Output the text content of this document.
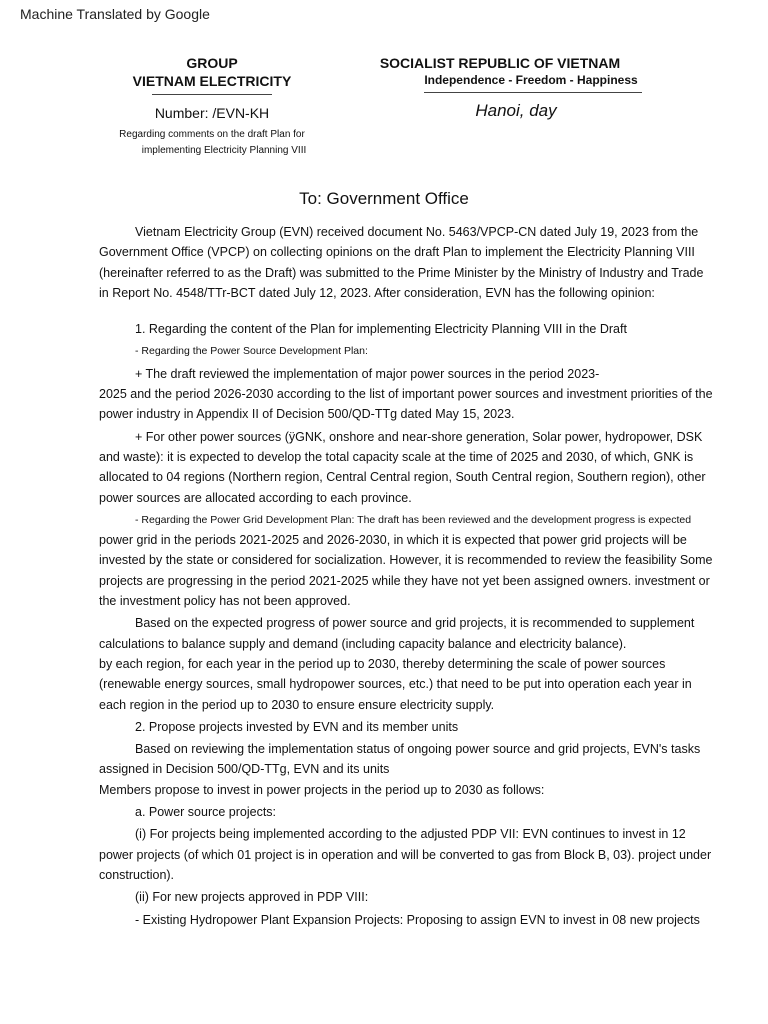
Machine Translated by Google
GROUP
VIETNAM ELECTRICITY
Number: /EVN-KH
Regarding comments on the draft Plan for
implementing Electricity Planning VIII
SOCIALIST REPUBLIC OF VIETNAM
Independence - Freedom - Happiness
Hanoi, day
To: Government Office

Vietnam Electricity Group (EVN) received document No. 5463/VPCP-CN dated July 19, 2023 from the Government Office (VPCP) on collecting opinions on the draft Plan to implement the Electricity Planning VIII (hereinafter referred to as the Draft) was submitted to the Prime Minister by the Ministry of Industry and Trade in Report No. 4548/TTr-BCT dated July 12, 2023. After consideration, EVN has the following opinion:

1. Regarding the content of the Plan for implementing Electricity Planning VIII in the Draft

- Regarding the Power Source Development Plan:

+ The draft reviewed the implementation of major power sources in the period 2023-

2025 and the period 2026-2030 according to the list of important power sources and investment priorities of the power industry in Appendix II of Decision 500/QD-TTg dated May 15, 2023.

+ For other power sources (ÿGNK, onshore and near-shore generation, Solar power, hydropower, DSK and waste): it is expected to develop the total capacity scale at the time of 2025 and 2030, of which, GNK is allocated to 04 regions (Northern region, Central Central region, South Central region, Southern region), other power sources are allocated according to each province.

- Regarding the Power Grid Development Plan: The draft has been reviewed and the development progress is expected

power grid in the periods 2021-2025 and 2026-2030, in which it is expected that power grid projects will be invested by the state or considered for socialization. However, it is recommended to review the feasibility Some projects are progressing in the period 2021-2025 while they have not yet been assigned owners. investment or the investment policy has not been approved.

Based on the expected progress of power source and grid projects, it is recommended to supplement

calculations to balance supply and demand (including capacity balance and electricity balance).

by each region, for each year in the period up to 2030, thereby determining the scale of power sources (renewable energy sources, small hydropower sources, etc.) that need to be put into operation each year in each region in the period up to 2030 to ensure ensure electricity supply.

2. Propose projects invested by EVN and its member units

Based on reviewing the implementation status of ongoing power source and grid projects, EVN's tasks

assigned in Decision 500/QD-TTg, EVN and its units

Members propose to invest in power projects in the period up to 2030 as follows:

a. Power source projects:

(i) For projects being implemented according to the adjusted PDP VII: EVN continues to invest in 12 power projects (of which 01 project is in operation and will be converted to gas from Block B, 03). project under construction).

(ii) For new projects approved in PDP VIII:

- Existing Hydropower Plant Expansion Projects: Proposing to assign EVN to invest in 08 new projects
